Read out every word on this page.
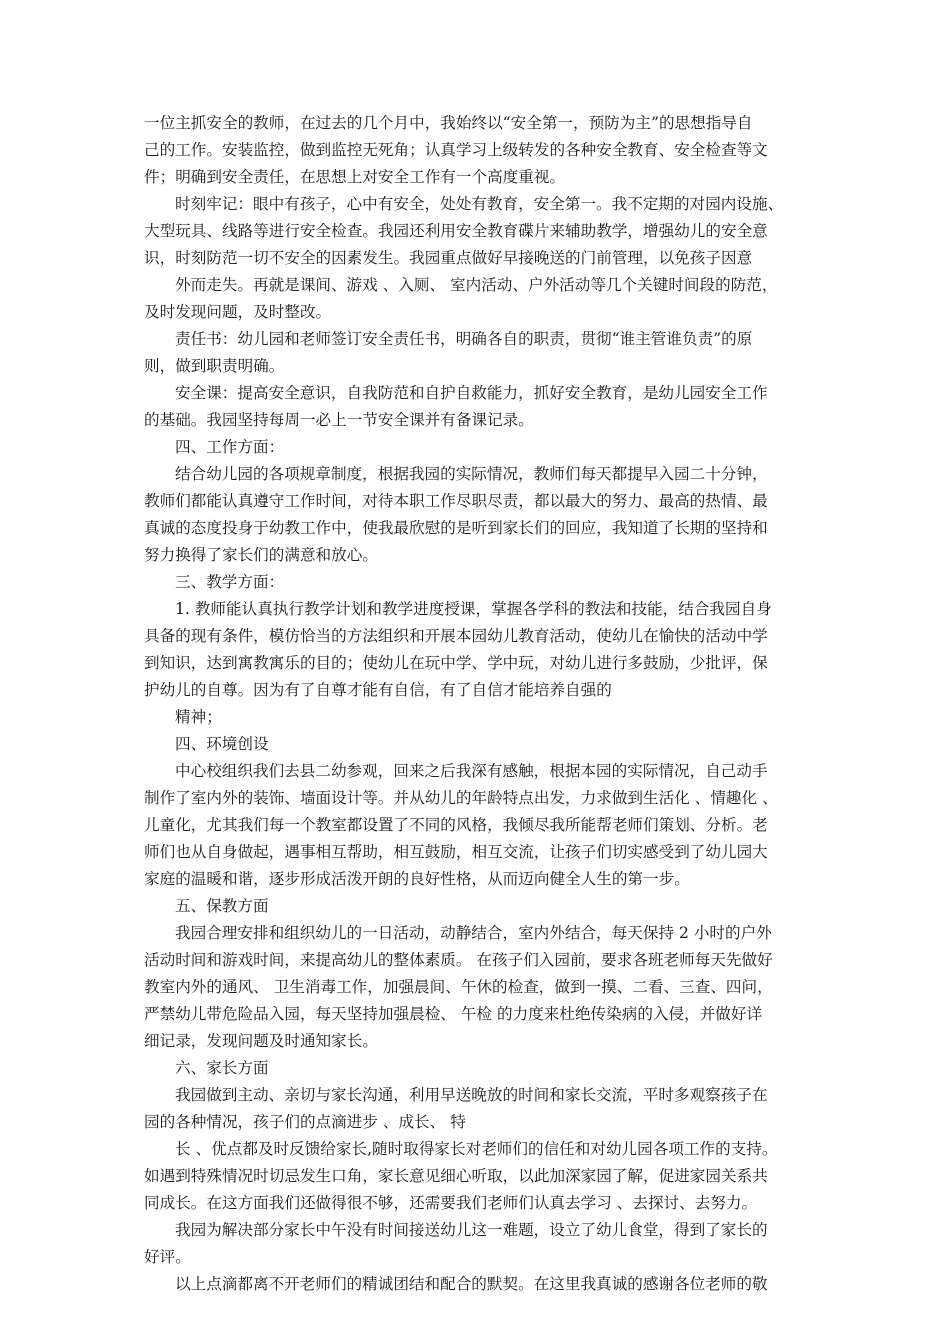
一位主抓安全的教师，在过去的几个月中，我始终以“安全第一，预防为主”的思想指导自
己的工作。安装监控，做到监控无死角；认真学习上级转发的各种安全教育、安全检查等文
件；明确到安全责任，在思想上对安全工作有一个高度重视。
时刻牢记：眼中有孩子，心中有安全，处处有教育，安全第一。我不定期的对园内设施、
大型玩具、线路等进行安全检查。我园还利用安全教育碟片来辅助教学，增强幼儿的安全意
识，时刻防范一切不安全的因素发生。我园重点做好早接晚送的门前管理，以免孩子因意
外而走失。再就是课间、游戏 、入厕、 室内活动、户外活动等几个关键时间段的防范，
及时发现问题，及时整改。
责任书：幼儿园和老师签订安全责任书，明确各自的职责，贯彻“谁主管谁负责”的原
则，做到职责明确。
安全课：提高安全意识，自我防范和自护自救能力，抓好安全教育，是幼儿园安全工作
的基础。我园坚持每周一必上一节安全课并有备课记录。
四、工作方面：
结合幼儿园的各项规章制度，根据我园的实际情况，教师们每天都提早入园二十分钟，
教师们都能认真遵守工作时间，对待本职工作尽职尽责，都以最大的努力、最高的热情、最
真诚的态度投身于幼教工作中，使我最欣慰的是听到家长们的回应，我知道了长期的坚持和
努力换得了家长们的满意和放心。
三、教学方面：
1. 教师能认真执行教学计划和教学进度授课，掌握各学科的教法和技能，结合我园自身
具备的现有条件，模仿恰当的方法组织和开展本园幼儿教育活动，使幼儿在愉快的活动中学
到知识，达到寓教寓乐的目的；使幼儿在玩中学、学中玩，对幼儿进行多鼓励，少批评，保
护幼儿的自尊。因为有了自尊才能有自信，有了自信才能培养自强的
精神；
四、环境创设
中心校组织我们去县二幼参观，回来之后我深有感触，根据本园的实际情况，自己动手
制作了室内外的装饰、墙面设计等。并从幼儿的年龄特点出发，力求做到生活化 、情趣化 、
儿童化，尤其我们每一个教室都设置了不同的风格，我倾尽我所能帮老师们策划、分析。老
师们也从自身做起，遇事相互帮助，相互鼓励，相互交流，让孩子们切实感受到了幼儿园大
家庭的温暖和谐，逐步形成活泼开朗的良好性格，从而迈向健全人生的第一步。
五、保教方面
我园合理安排和组织幼儿的一日活动，动静结合，室内外结合，每天保持 2 小时的户外
活动时间和游戏时间，来提高幼儿的整体素质。 在孩子们入园前，要求各班老师每天先做好
教室内外的通风、 卫生消毒工作，加强晨间、午休的检查，做到一摸、二看、三查、四问，
严禁幼儿带危险品入园，每天坚持加强晨检、 午检 的力度来杜绝传染病的入侵，并做好详
细记录，发现问题及时通知家长。
六、家长方面
我园做到主动、亲切与家长沟通，利用早送晚放的时间和家长交流，平时多观察孩子在
园的各种情况，孩子们的点滴进步 、成长、 特
长 、优点都及时反馈给家长,随时取得家长对老师们的信任和对幼儿园各项工作的支持。
如遇到特殊情况时切忌发生口角，家长意见细心听取，以此加深家园了解，促进家园关系共
同成长。在这方面我们还做得很不够，还需要我们老师们认真去学习 、去探讨、去努力。
我园为解决部分家长中午没有时间接送幼儿这一难题，设立了幼儿食堂，得到了家长的
好评。
以上点滴都离不开老师们的精诚团结和配合的默契。在这里我真诚的感谢各位老师的敬
